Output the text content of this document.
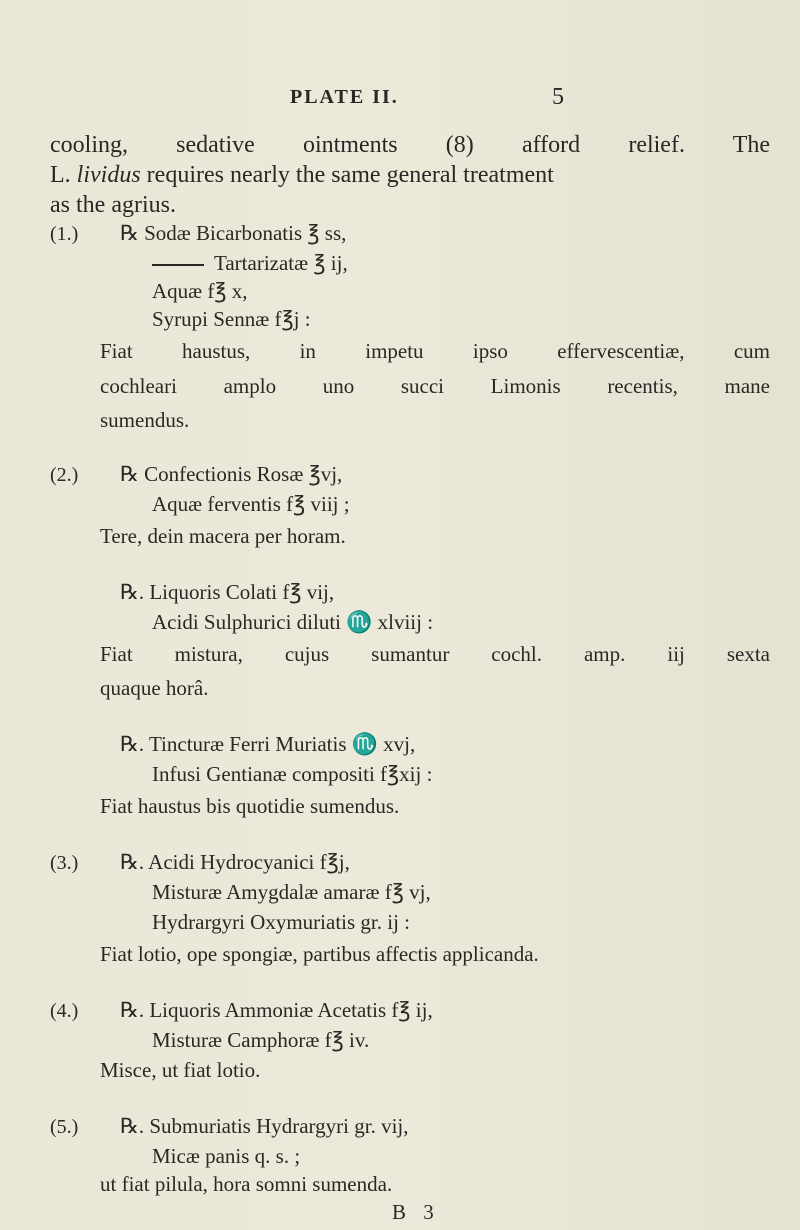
PLATE II.	5

cooling, sedative ointments (8) afford relief. The

L. lividus requires nearly the same general treatment

as the agrius.

(1.) ℞ Sodæ Bicarbonatis ℥ ss,
Tartarizatæ ℥ ij,
Aquæ f℥ x,
Syrupi Sennæ f℥j :
Fiat haustus, in impetu ipso effervescentiæ, cum
cochleari amplo uno succi Limonis recentis, mane
sumendus.
(2.) ℞ Confectionis Rosæ ℥vj,
Aquæ ferventis f℥ viij ;
Tere, dein macera per horam.
℞. Liquoris Colati f℥ vij,
Acidi Sulphurici diluti ♏ xlviij :
Fiat mistura, cujus sumantur cochl. amp. iij sexta
quaque horâ.
℞. Tincturæ Ferri Muriatis ♏ xvj,
Infusi Gentianæ compositi f℥xij :
Fiat haustus bis quotidie sumendus.
(3.) ℞. Acidi Hydrocyanici f℥j,
Misturæ Amygdalæ amaræ f℥ vj,
Hydrargyri Oxymuriatis gr. ij :
Fiat lotio, ope spongiæ, partibus affectis applicanda.
(4.) ℞. Liquoris Ammoniæ Acetatis f℥ ij,
Misturæ Camphoræ f℥ iv.
Misce, ut fiat lotio.
(5.) ℞. Submuriatis Hydrargyri gr. vij,
Micæ panis q. s. ;
ut fiat pilula, hora somni sumenda.
B 3
